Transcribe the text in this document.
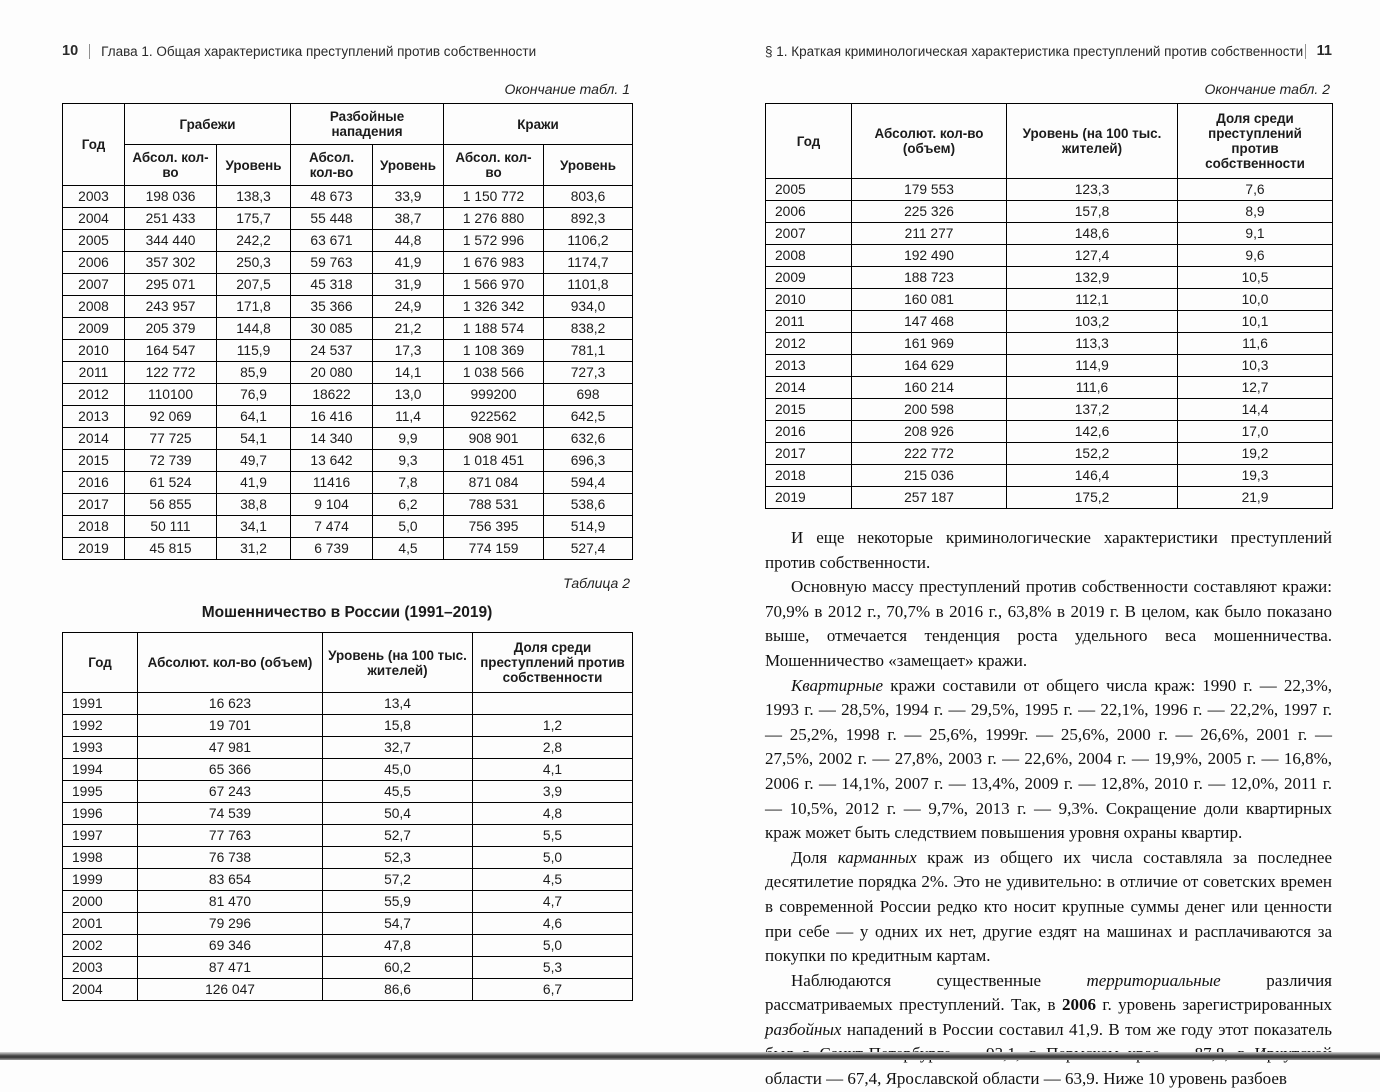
10 Глава 1. Общая характеристика преступлений против собственности
Окончание табл. 1
Год	Грабежи		Разбойные нападения		Кражи	
	Абсол. кол-во	Уровень	Абсол. кол-во	Уровень	Абсол. кол-во	Уровень
2003	198 036	138,3	48 673	33,9	1 150 772	803,6
2004	251 433	175,7	55 448	38,7	1 276 880	892,3
2005	344 440	242,2	63 671	44,8	1 572 996	1106,2
2006	357 302	250,3	59 763	41,9	1 676 983	1174,7
2007	295 071	207,5	45 318	31,9	1 566 970	1101,8
2008	243 957	171,8	35 366	24,9	1 326 342	934,0
2009	205 379	144,8	30 085	21,2	1 188 574	838,2
2010	164 547	115,9	24 537	17,3	1 108 369	781,1
2011	122 772	85,9	20 080	14,1	1 038 566	727,3
2012	110100	76,9	18622	13,0	999200	698
2013	92 069	64,1	16 416	11,4	922562	642,5
2014	77 725	54,1	14 340	9,9	908 901	632,6
2015	72 739	49,7	13 642	9,3	1 018 451	696,3
2016	61 524	41,9	11416	7,8	871 084	594,4
2017	56 855	38,8	9 104	6,2	788 531	538,6
2018	50 111	34,1	7 474	5,0	756 395	514,9
2019	45 815	31,2	6 739	4,5	774 159	527,4
Таблица 2
Мошенничество в России (1991–2019)
Год	Абсолют. кол-во (объем)	Уровень (на 100 тыс. жителей)	Доля среди преступлений против собственности
1991	16 623	13,4	
1992	19 701	15,8	1,2
1993	47 981	32,7	2,8
1994	65 366	45,0	4,1
1995	67 243	45,5	3,9
1996	74 539	50,4	4,8
1997	77 763	52,7	5,5
1998	76 738	52,3	5,0
1999	83 654	57,2	4,5
2000	81 470	55,9	4,7
2001	79 296	54,7	4,6
2002	69 346	47,8	5,0
2003	87 471	60,2	5,3
2004	126 047	86,6	6,7
§ 1. Краткая криминологическая характеристика преступлений против собственности 11
Окончание табл. 2
Год	Абсолют. кол-во (объем)	Уровень (на 100 тыс. жителей)	Доля среди преступлений против собственности
2005	179 553	123,3	7,6
2006	225 326	157,8	8,9
2007	211 277	148,6	9,1
2008	192 490	127,4	9,6
2009	188 723	132,9	10,5
2010	160 081	112,1	10,0
2011	147 468	103,2	10,1
2012	161 969	113,3	11,6
2013	164 629	114,9	10,3
2014	160 214	111,6	12,7
2015	200 598	137,2	14,4
2016	208 926	142,6	17,0
2017	222 772	152,2	19,2
2018	215 036	146,4	19,3
2019	257 187	175,2	21,9

И еще некоторые криминологические характеристики преступлений против собственности.

Основную массу преступлений против собственности составляют кражи: 70,9% в 2012 г., 70,7% в 2016 г., 63,8% в 2019 г. В целом, как было показано выше, отмечается тенденция роста удельного веса мошенничества. Мошенничество «замещает» кражи.

Квартирные кражи составили от общего числа краж: 1990 г. — 22,3%, 1993 г. — 28,5%, 1994 г. — 29,5%, 1995 г. — 22,1%, 1996 г. — 22,2%, 1997 г. — 25,2%, 1998 г. — 25,6%, 1999г. — 25,6%, 2000 г. — 26,6%, 2001 г. — 27,5%, 2002 г. — 27,8%, 2003 г. — 22,6%, 2004 г. — 19,9%, 2005 г. — 16,8%, 2006 г. — 14,1%, 2007 г. — 13,4%, 2009 г. — 12,8%, 2010 г. — 12,0%, 2011 г. — 10,5%, 2012 г. — 9,7%, 2013 г. — 9,3%. Сокращение доли квартирных краж может быть следствием повышения уровня охраны квартир.

Доля карманных краж из общего их числа составляла за последнее десятилетие порядка 2%. Это не удивительно: в отличие от советских времен в современной России редко кто носит крупные суммы денег или ценности при себе — у одних их нет, другие ездят на машинах и расплачиваются за покупки по кредитным картам.

Наблюдаются существенные территориальные различия рассматриваемых преступлений. Так, в 2006 г. уровень зарегистрированных разбойных нападений в России составил 41,9. В том же году этот показатель области — 67,4, Ярославской области — 63,9. Ниже 10 уровень разбоев
